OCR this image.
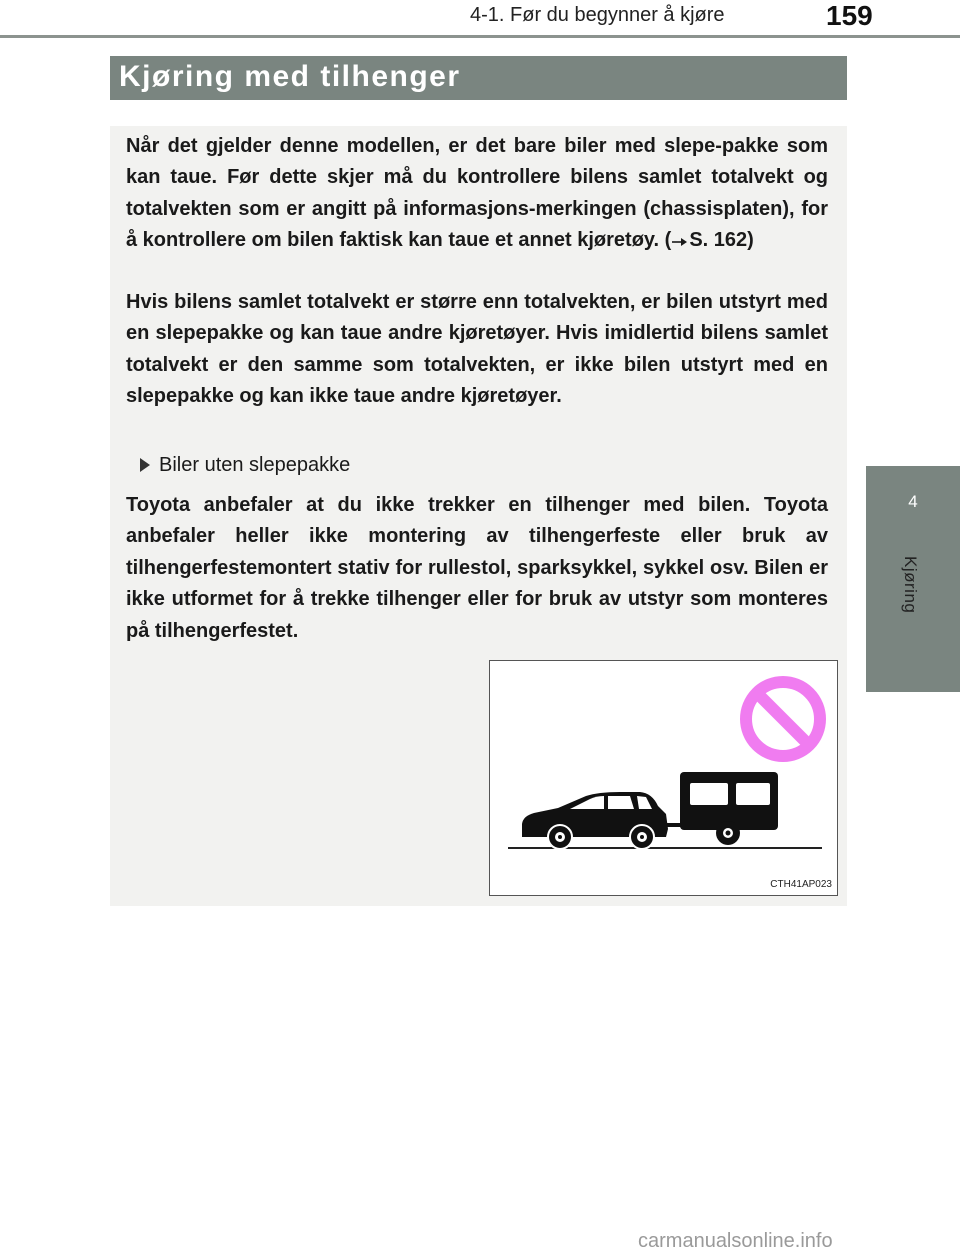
4-1. Før du begynner å kjøre	159
4
Kjøring
Kjøring med tilhenger

Når det gjelder denne modellen, er det bare biler med slepe-pakke som kan taue. Før dette skjer må du kontrollere bilens samlet totalvekt og totalvekten som er angitt på informasjons-merkingen (chassisplaten), for å kontrollere om bilen faktisk kan taue et annet kjøretøy. ( S. 162)

Hvis bilens samlet totalvekt er større enn totalvekten, er bilen utstyrt med en slepepakke og kan taue andre kjøretøyer. Hvis imidlertid bilens samlet totalvekt er den samme som totalvekten, er ikke bilen utstyrt med en slepepakke og kan ikke taue andre kjøretøyer.

Biler uten slepepakke

Toyota anbefaler at du ikke trekker en tilhenger med bilen. Toyota anbefaler heller ikke montering av tilhengerfeste eller bruk av tilhengerfestemontert stativ for rullestol, sparksykkel, sykkel osv. Bilen er ikke utformet for å trekke tilhenger eller for bruk av utstyr som monteres på tilhengerfestet.

CTH41AP023
carmanualsonline.info
